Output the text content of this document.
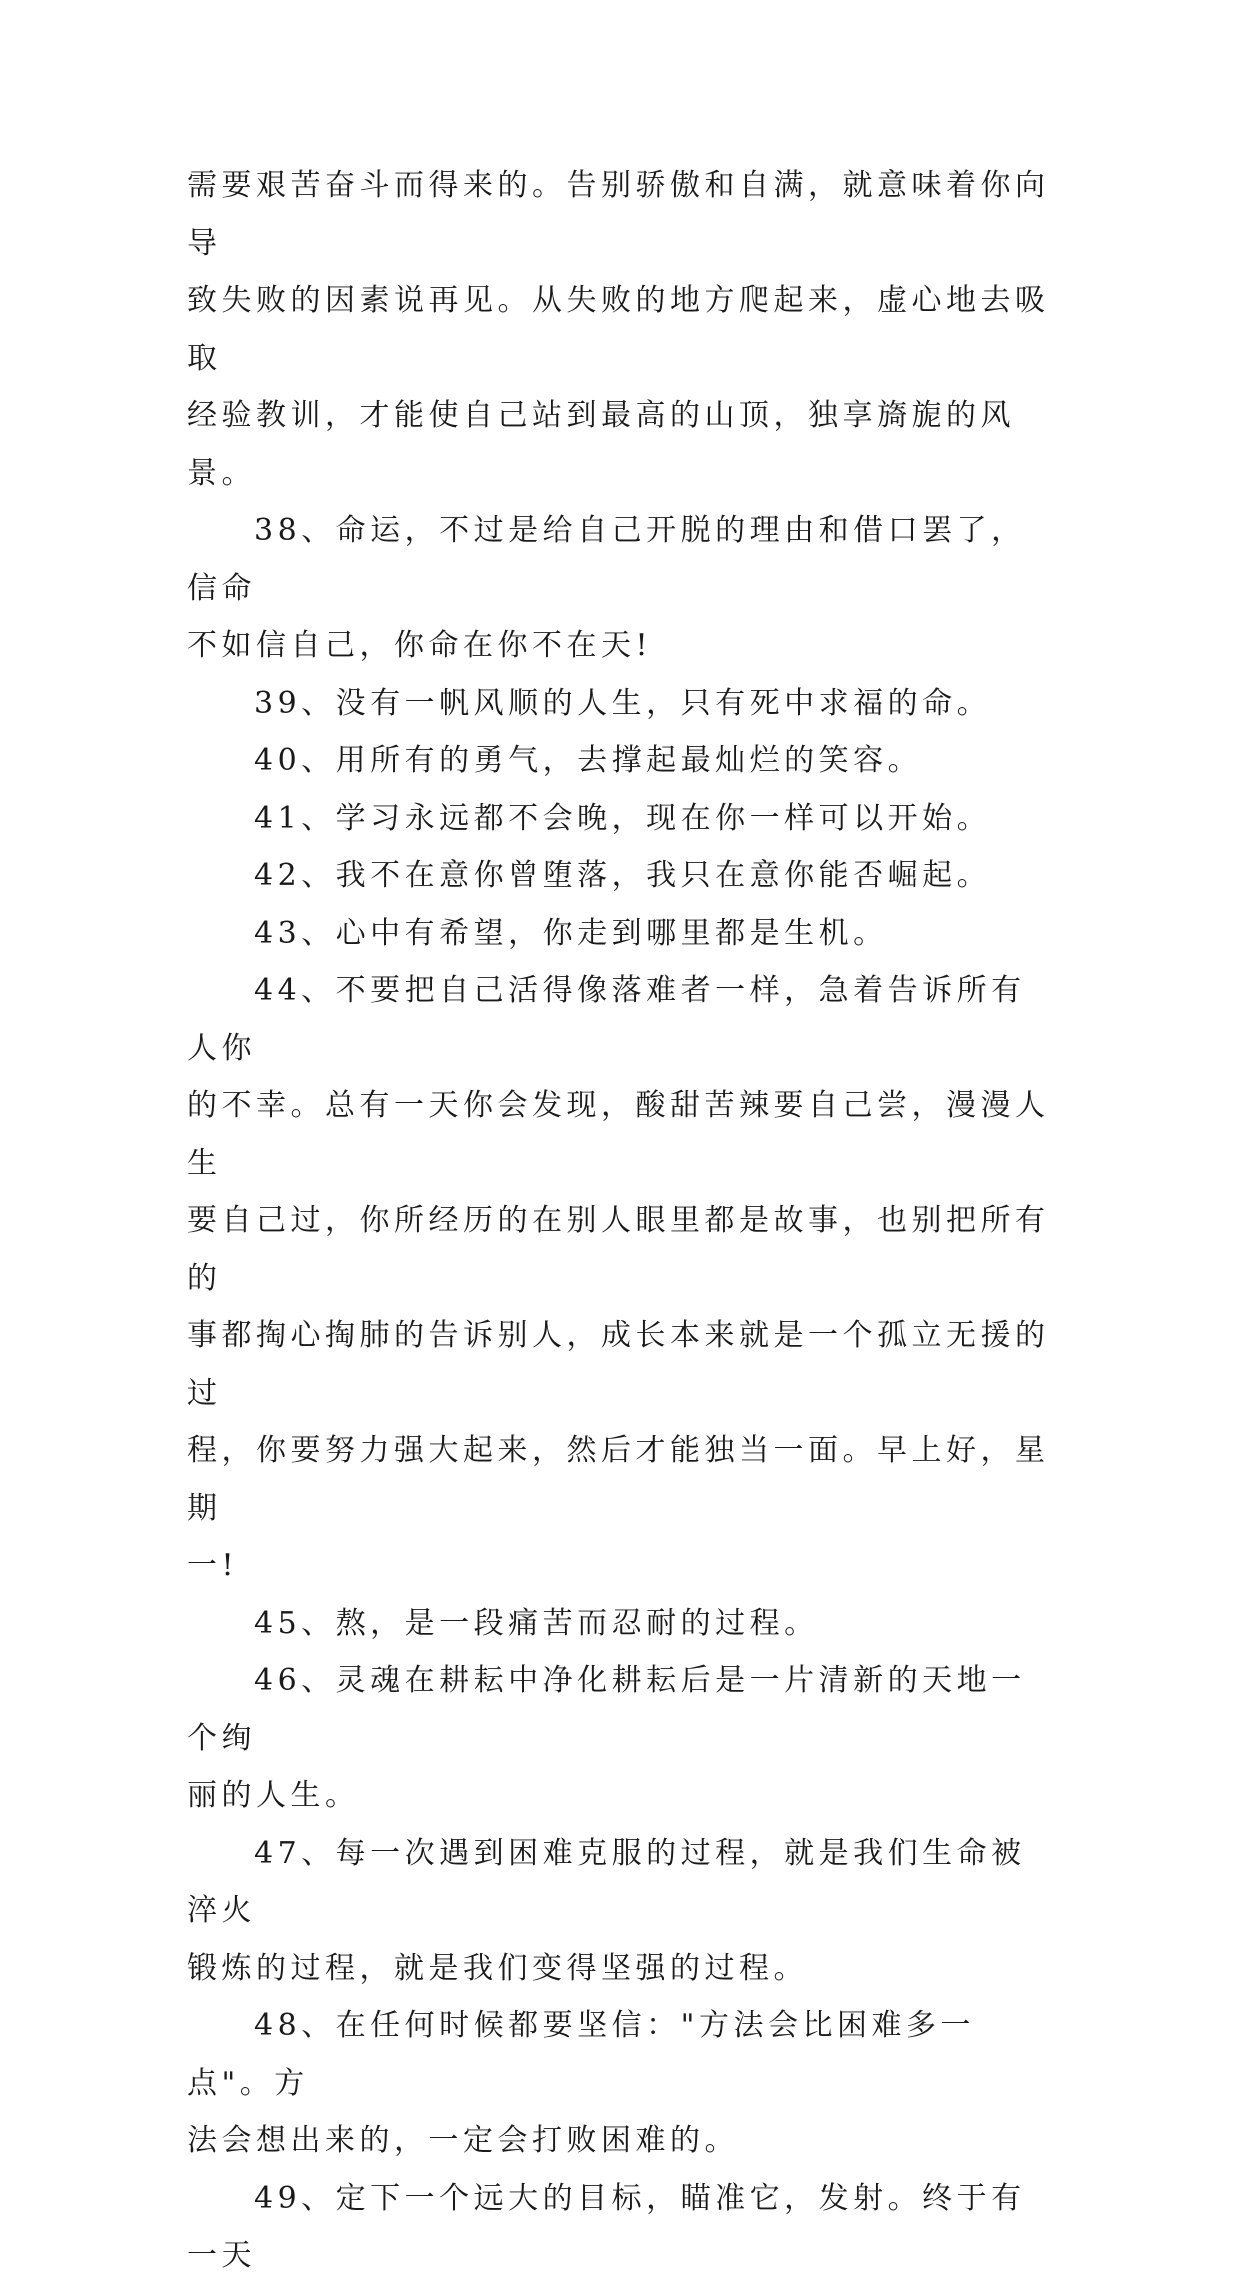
需要艰苦奋斗而得来的。告别骄傲和自满，就意味着你向导
致失败的因素说再见。从失败的地方爬起来，虚心地去吸取
经验教训，才能使自己站到最高的山顶，独享旖旎的风景。
38、命运，不过是给自己开脱的理由和借口罢了，信命
不如信自己，你命在你不在天!
39、没有一帆风顺的人生，只有死中求福的命。
40、用所有的勇气，去撑起最灿烂的笑容。
41、学习永远都不会晚，现在你一样可以开始。
42、我不在意你曾堕落，我只在意你能否崛起。
43、心中有希望，你走到哪里都是生机。
44、不要把自己活得像落难者一样，急着告诉所有人你
的不幸。总有一天你会发现，酸甜苦辣要自己尝，漫漫人生
要自己过，你所经历的在别人眼里都是故事，也别把所有的
事都掏心掏肺的告诉别人，成长本来就是一个孤立无援的过
程，你要努力强大起来，然后才能独当一面。早上好，星期
一!
45、熬，是一段痛苦而忍耐的过程。
46、灵魂在耕耘中净化耕耘后是一片清新的天地一个绚
丽的人生。
47、每一次遇到困难克服的过程，就是我们生命被淬火
锻炼的过程，就是我们变得坚强的过程。
48、在任何时候都要坚信："方法会比困难多一点"。方
法会想出来的，一定会打败困难的。
49、定下一个远大的目标，瞄准它，发射。终于有一天
